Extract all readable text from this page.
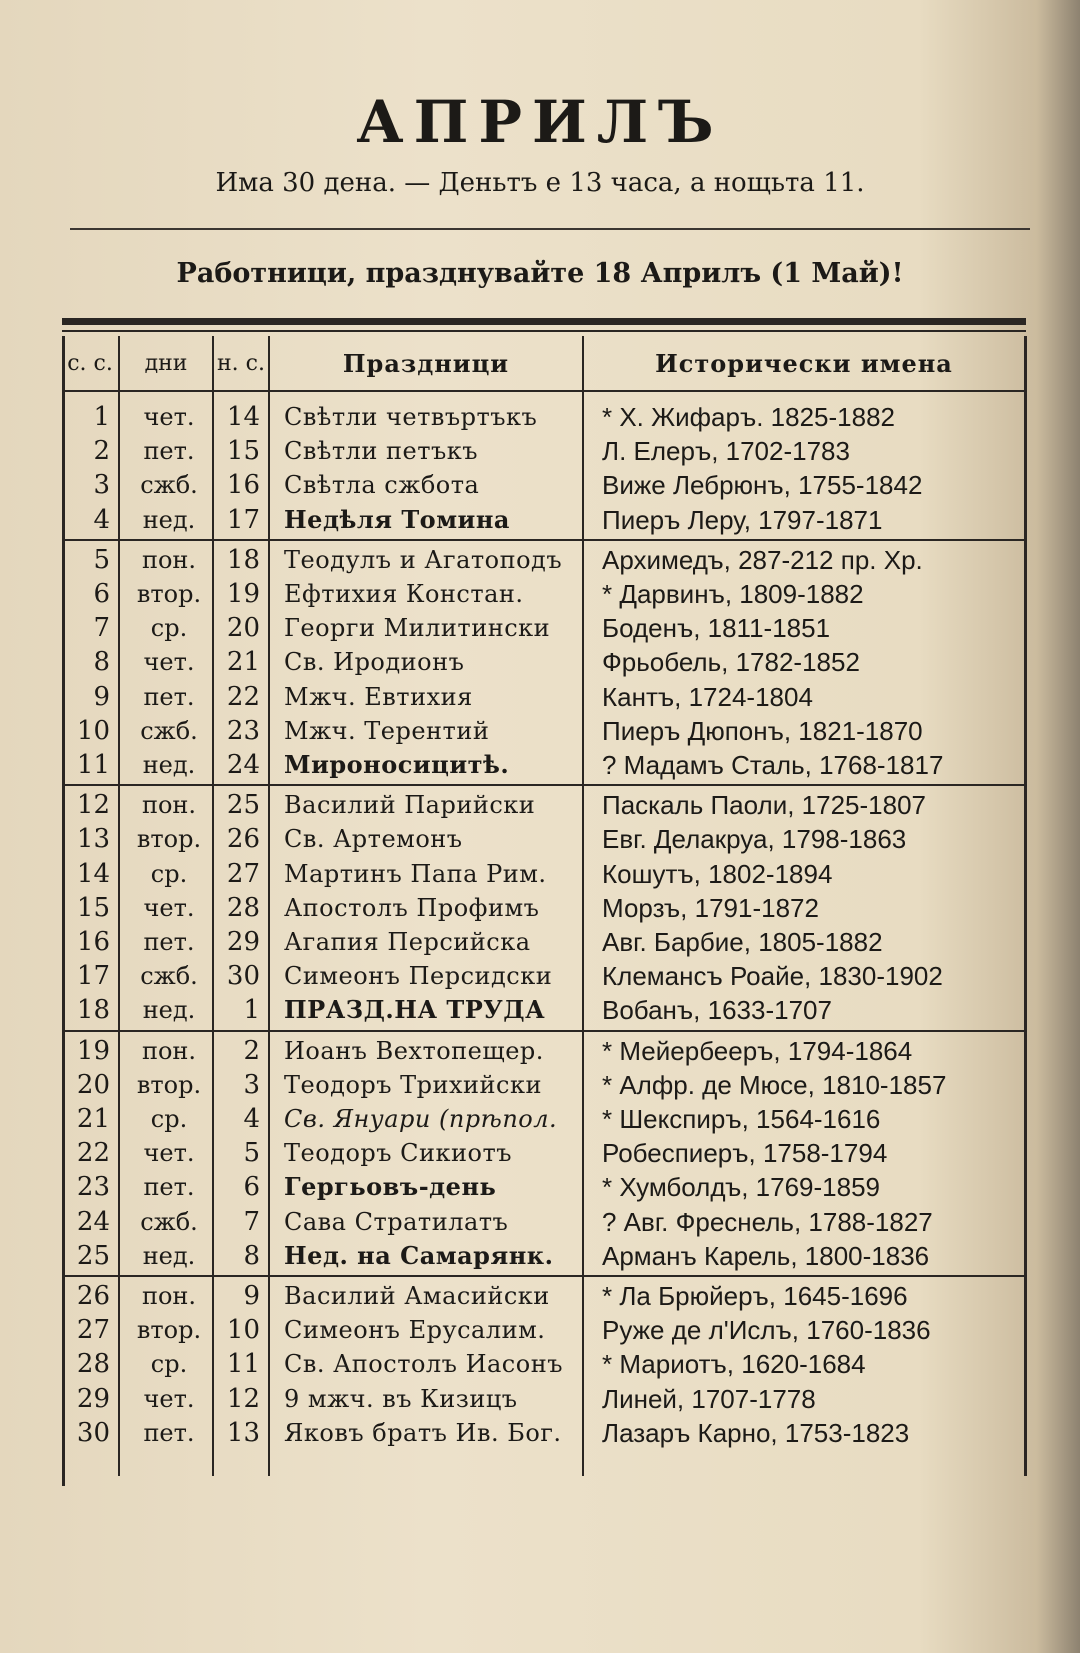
АПРИЛЪ
Има 30 дена. — Деньтъ е 13 часа, а нощьта 11.
Работници, празднувайте 18 Априлъ (1 Май)!
с. с.	дни	н. с.	Праздници	Исторически имена
1	чет.	14 Свѣтли четвъртъкъ	* Х. Жифаръ. 1825-1882
2	пет.	15 Свѣтли петъкъ	Л. Елеръ, 1702-1783
3	сжб.	16 Свѣтла сжбота	Виже Лебрюнъ, 1755-1842
4	нед.	17 Недѣля Томина	Пиеръ Леру, 1797-1871
5	пон.	18 Теодулъ и Агатоподъ	Архимедъ, 287-212 пр. Хр.
6	втор. 19 Ефтихия Констан.	* Дарвинъ, 1809-1882
7	ср.	20 Георги Милитински	Боденъ, 1811-1851
8	чет.	21 Св. Иродионъ	Фрьобель, 1782-1852
9	пет.	22 Мжч. Евтихия	Кантъ, 1724-1804
10	сжб.	23 Мжч. Терентий	Пиеръ Дюпонъ, 1821-1870
11	нед.	24 Мироносицитѣ.	? Мадамъ Сталь, 1768-1817
12	пон.	25 Василий Парийски	Паскаль Паоли, 1725-1807
13	втор. 26 Св. Артемонъ	Евг. Делакруа, 1798-1863
14	ср.	27 Мартинъ Папа Рим.	Кошутъ, 1802-1894
15	чет.	28 Апостолъ Профимъ	Морзъ, 1791-1872
16	пет.	29 Агапия Персийска	Авг. Барбие, 1805-1882
17	сжб.	30 Симеонъ Персидски	Клемансъ Роайе, 1830-1902
18	нед.	1 ПРАЗД.НА ТРУДА	Вобанъ, 1633-1707
19	пон.	2 Иоанъ Вехтопещер.	* Мейербееръ, 1794-1864
20	втор.	3 Теодоръ Трихийски	* Алфр. де Мюсе, 1810-1857
21	ср.	4 Св. Януари (прѣпол.	* Шекспиръ, 1564-1616
22	чет.	5 Теодоръ Сикиотъ	Робеспиеръ, 1758-1794
23	пет.	6 Гергьовъ-день	* Хумболдъ, 1769-1859
24	сжб.	7 Сава Стратилатъ	? Авг. Фреснель, 1788-1827
25	нед.	8 Нед. на Самарянк.	Арманъ Карель, 1800-1836
26	пон.	9 Василий Амасийски	* Ла Брюйеръ, 1645-1696
27	втор. 10 Симеонъ Ерусалим.	Руже де л'Ислъ, 1760-1836
28	ср.	11 Св. Апостолъ Иасонъ	* Мариотъ, 1620-1684
29	чет.	12 9 мжч. въ Кизицъ	Линей, 1707-1778
30	пет.	13 Яковъ братъ Ив. Бог.	Лазаръ Карно, 1753-1823
